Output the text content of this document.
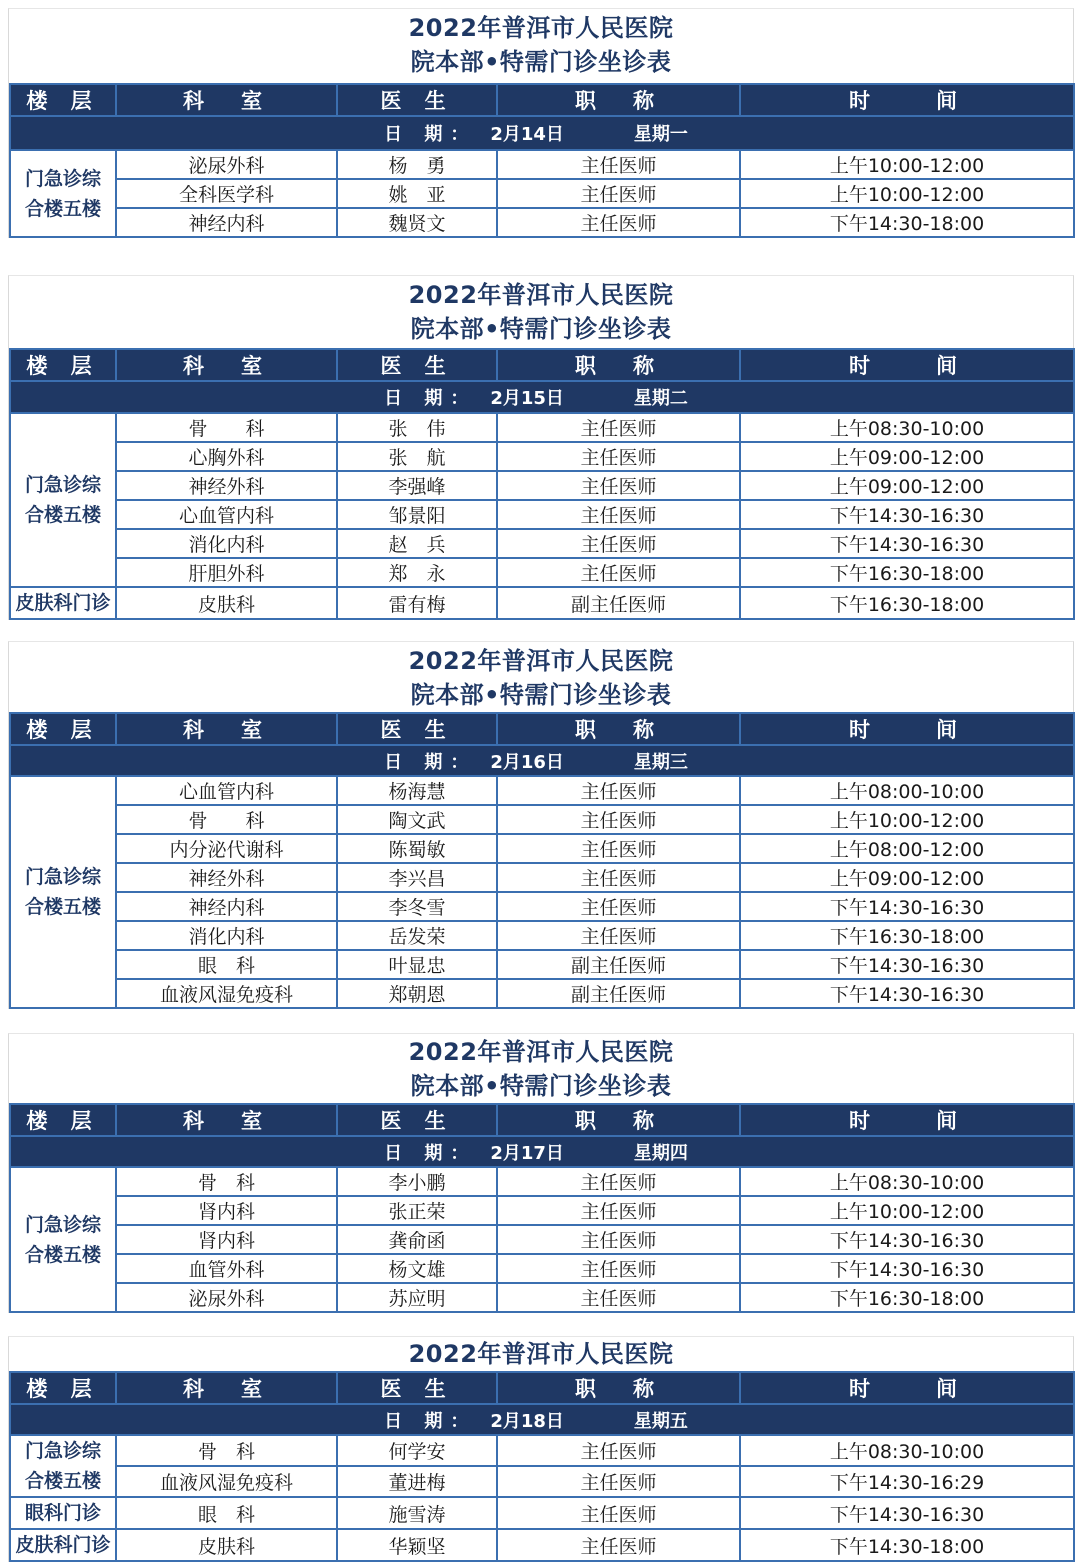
2022年普洱市人民医院
院本部•特需门诊坐诊表
日 期： 2月14日 星期一				
楼 层	科　室	医 生	职　称	时　　间

门急诊综
合楼五楼	泌尿外科	杨　勇	主任医师	上午10:00-12:00
	全科医学科	姚　亚	主任医师	上午10:00-12:00
	神经内科	魏贤文	主任医师	下午14:30-18:00
2022年普洱市人民医院
院本部•特需门诊坐诊表
日 期： 2月15日 星期二				
楼 层	科　室	医 生	职　称	时　　间

门急诊综
合楼五楼	骨　　科	张　伟	主任医师	上午08:30-10:00
	心胸外科	张　航	主任医师	上午09:00-12:00
	神经外科	李强峰	主任医师	上午09:00-12:00
	心血管内科	邹景阳	主任医师	下午14:30-16:30
	消化内科	赵　兵	主任医师	下午14:30-16:30
	肝胆外科	郑　永	主任医师	下午16:30-18:00
皮肤科门诊	皮肤科	雷有梅	副主任医师	下午16:30-18:00
2022年普洱市人民医院
院本部•特需门诊坐诊表
日 期： 2月16日 星期三				
楼 层	科　室	医 生	职　称	时　　间

门急诊综
合楼五楼	心血管内科	杨海慧	主任医师	上午08:00-10:00
	骨　　科	陶文武	主任医师	上午10:00-12:00
	内分泌代谢科	陈蜀敏	主任医师	上午08:00-12:00
	神经外科	李兴昌	主任医师	上午09:00-12:00
	神经内科	李冬雪	主任医师	下午14:30-16:30
	消化内科	岳发荣	主任医师	下午16:30-18:00
	眼　科	叶显忠	副主任医师	下午14:30-16:30
	血液风湿免疫科	郑朝恩	副主任医师	下午14:30-16:30
2022年普洱市人民医院
院本部•特需门诊坐诊表
日 期： 2月17日 星期四				
楼 层	科　室	医 生	职　称	时　　间

门急诊综
合楼五楼	骨　科	李小鹏	主任医师	上午08:30-10:00
	肾内科	张正荣	主任医师	上午10:00-12:00
	肾内科	龚俞函	主任医师	下午14:30-16:30
	血管外科	杨文雄	主任医师	下午14:30-16:30
	泌尿外科	苏应明	主任医师	下午16:30-18:00
2022年普洱市人民医院
日 期： 2月18日 星期五				
楼 层	科　室	医 生	职　称	时　　间

门急诊综
合楼五楼	骨　科	何学安	主任医师	上午08:30-10:00
	血液风湿免疫科	董进梅	主任医师	下午14:30-16:29
眼科门诊	眼　科	施雪涛	主任医师	下午14:30-16:30
皮肤科门诊	皮肤科	华颖坚	主任医师	下午14:30-18:00
